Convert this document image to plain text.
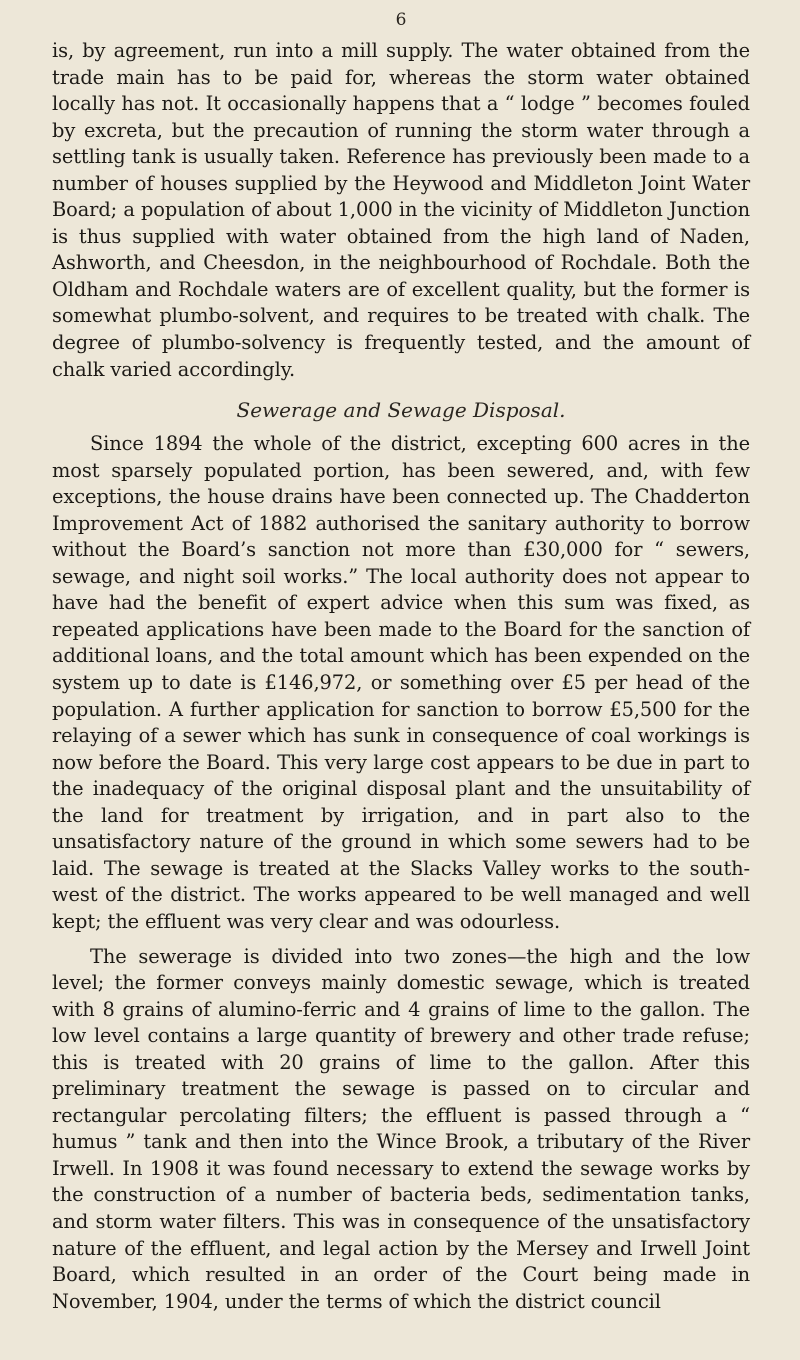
6

is, by agreement, run into a mill supply. The water obtained from the trade main has to be paid for, whereas the storm water obtained locally has not. It occasionally happens that a “ lodge ” becomes fouled by excreta, but the precaution of running the storm water through a settling tank is usually taken. Reference has previously been made to a number of houses supplied by the Heywood and Middleton Joint Water Board; a population of about 1,000 in the vicinity of Middleton Junction is thus supplied with water obtained from the high land of Naden, Ashworth, and Cheesdon, in the neighbourhood of Rochdale. Both the Oldham and Rochdale waters are of excellent quality, but the former is somewhat plumbo-solvent, and requires to be treated with chalk. The degree of plumbo-solvency is frequently tested, and the amount of chalk varied accordingly.

Sewerage and Sewage Disposal.

Since 1894 the whole of the district, excepting 600 acres in the most sparsely populated portion, has been sewered, and, with few exceptions, the house drains have been connected up. The Chadderton Improvement Act of 1882 authorised the sanitary authority to borrow without the Board’s sanction not more than £30,000 for “ sewers, sewage, and night soil works.” The local authority does not appear to have had the benefit of expert advice when this sum was fixed, as repeated applications have been made to the Board for the sanction of additional loans, and the total amount which has been expended on the system up to date is £146,972, or something over £5 per head of the population. A further application for sanction to borrow £5,500 for the relaying of a sewer which has sunk in consequence of coal workings is now before the Board. This very large cost appears to be due in part to the inadequacy of the original disposal plant and the unsuitability of the land for treatment by irrigation, and in part also to the unsatisfactory nature of the ground in which some sewers had to be laid. The sewage is treated at the Slacks Valley works to the south-west of the district. The works appeared to be well managed and well kept; the effluent was very clear and was odourless.

The sewerage is divided into two zones—the high and the low level; the former conveys mainly domestic sewage, which is treated with 8 grains of alumino-ferric and 4 grains of lime to the gallon. The low level contains a large quantity of brewery and other trade refuse; this is treated with 20 grains of lime to the gallon. After this preliminary treatment the sewage is passed on to circular and rectangular percolating filters; the effluent is passed through a “ humus ” tank and then into the Wince Brook, a tributary of the River Irwell. In 1908 it was found necessary to extend the sewage works by the construction of a number of bacteria beds, sedimentation tanks, and storm water filters. This was in consequence of the unsatisfactory nature of the effluent, and legal action by the Mersey and Irwell Joint Board, which resulted in an order of the Court being made in November, 1904, under the terms of which the district council
